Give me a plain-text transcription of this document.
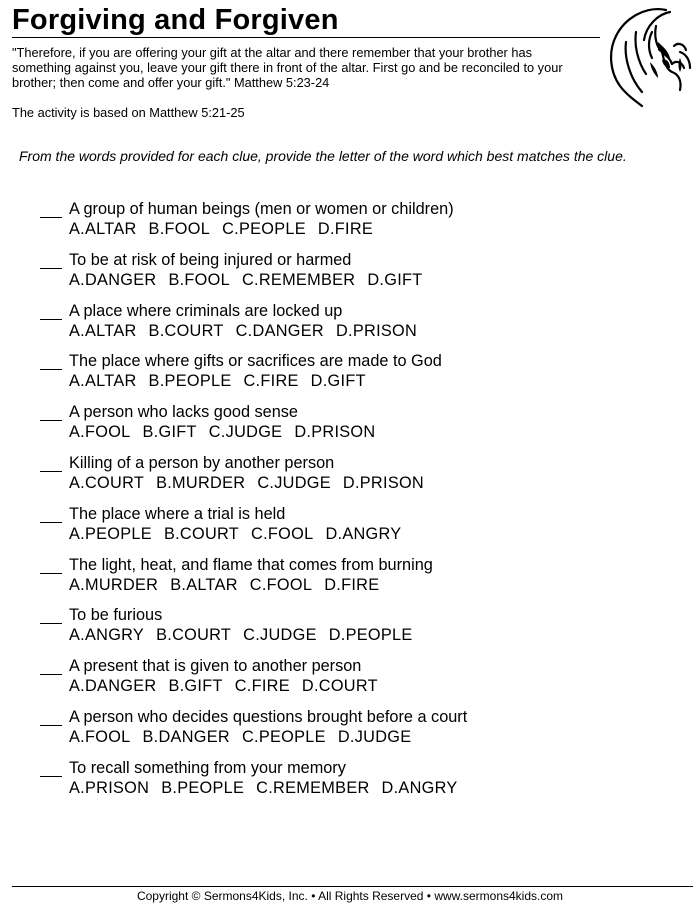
Forgiving and Forgiven
"Therefore, if you are offering your gift at the altar and there remember that your brother has something against you, leave your gift there in front of the altar. First go and be reconciled to your brother; then come and offer your gift." Matthew 5:23-24
The activity is based on Matthew 5:21-25
From the words provided for each clue, provide the letter of the word which best matches the clue.
A group of human beings (men or women or children)
A.ALTAR B.FOOL C.PEOPLE D.FIRE
To be at risk of being injured or harmed
A.DANGER B.FOOL C.REMEMBER D.GIFT
A place where criminals are locked up
A.ALTAR B.COURT C.DANGER D.PRISON
The place where gifts or sacrifices are made to God
A.ALTAR B.PEOPLE C.FIRE D.GIFT
A person who lacks good sense
A.FOOL B.GIFT C.JUDGE D.PRISON
Killing of a person by another person
A.COURT B.MURDER C.JUDGE D.PRISON
The place where a trial is held
A.PEOPLE B.COURT C.FOOL D.ANGRY
The light, heat, and flame that comes from burning
A.MURDER B.ALTAR C.FOOL D.FIRE
To be furious
A.ANGRY B.COURT C.JUDGE D.PEOPLE
A present that is given to another person
A.DANGER B.GIFT C.FIRE D.COURT
A person who decides questions brought before a court
A.FOOL B.DANGER C.PEOPLE D.JUDGE
To recall something from your memory
A.PRISON B.PEOPLE C.REMEMBER D.ANGRY
Copyright © Sermons4Kids, Inc. • All Rights Reserved • www.sermons4kids.com
